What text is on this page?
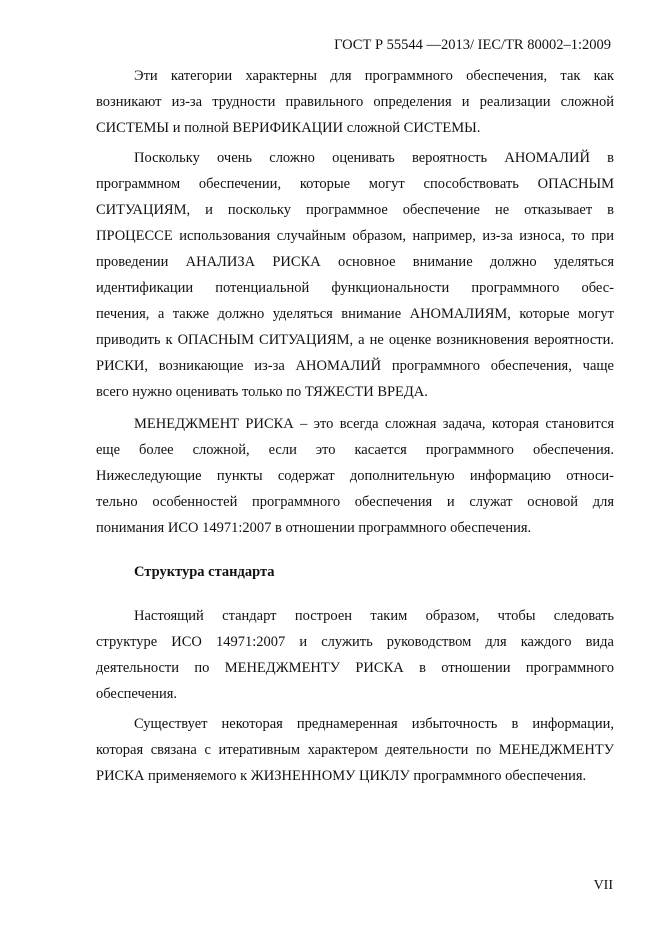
ГОСТ Р 55544 —2013/ IEC/TR 80002–1:2009
Эти категории характерны для программного обеспечения, так как
возникают из-за трудности правильного определения и реализации сложной
СИСТЕМЫ и полной ВЕРИФИКАЦИИ сложной СИСТЕМЫ.
Поскольку очень сложно оценивать вероятность АНОМАЛИЙ в
программном обеспечении, которые могут способствовать ОПАСНЫМ
СИТУАЦИЯМ, и поскольку программное обеспечение не отказывает в
ПРОЦЕССЕ использования случайным образом, например, из-за износа, то при
проведении АНАЛИЗА РИСКА основное внимание должно уделяться
идентификации потенциальной функциональности программного обес-
печения, а также должно уделяться внимание АНОМАЛИЯМ, которые могут
приводить к ОПАСНЫМ СИТУАЦИЯМ, а не оценке возникновения вероятности.
РИСКИ, возникающие из-за АНОМАЛИЙ программного обеспечения, чаще
всего нужно оценивать только по ТЯЖЕСТИ ВРЕДА.
МЕНЕДЖМЕНТ РИСКА – это всегда сложная задача, которая становится
еще более сложной, если это касается программного обеспечения.
Нижеследующие пункты содержат дополнительную информацию относи-
тельно особенностей программного обеспечения и служат основой для
понимания ИСО 14971:2007 в отношении программного обеспечения.
Структура стандарта
Настоящий стандарт построен таким образом, чтобы следовать
структуре ИСО 14971:2007 и служить руководством для каждого вида
деятельности по МЕНЕДЖМЕНТУ РИСКА в отношении программного
обеспечения.
Существует некоторая преднамеренная избыточность в информации,
которая связана с итеративным характером деятельности по МЕНЕДЖМЕНТУ
РИСКА применяемого к ЖИЗНЕННОМУ ЦИКЛУ программного обеспечения.
VII
